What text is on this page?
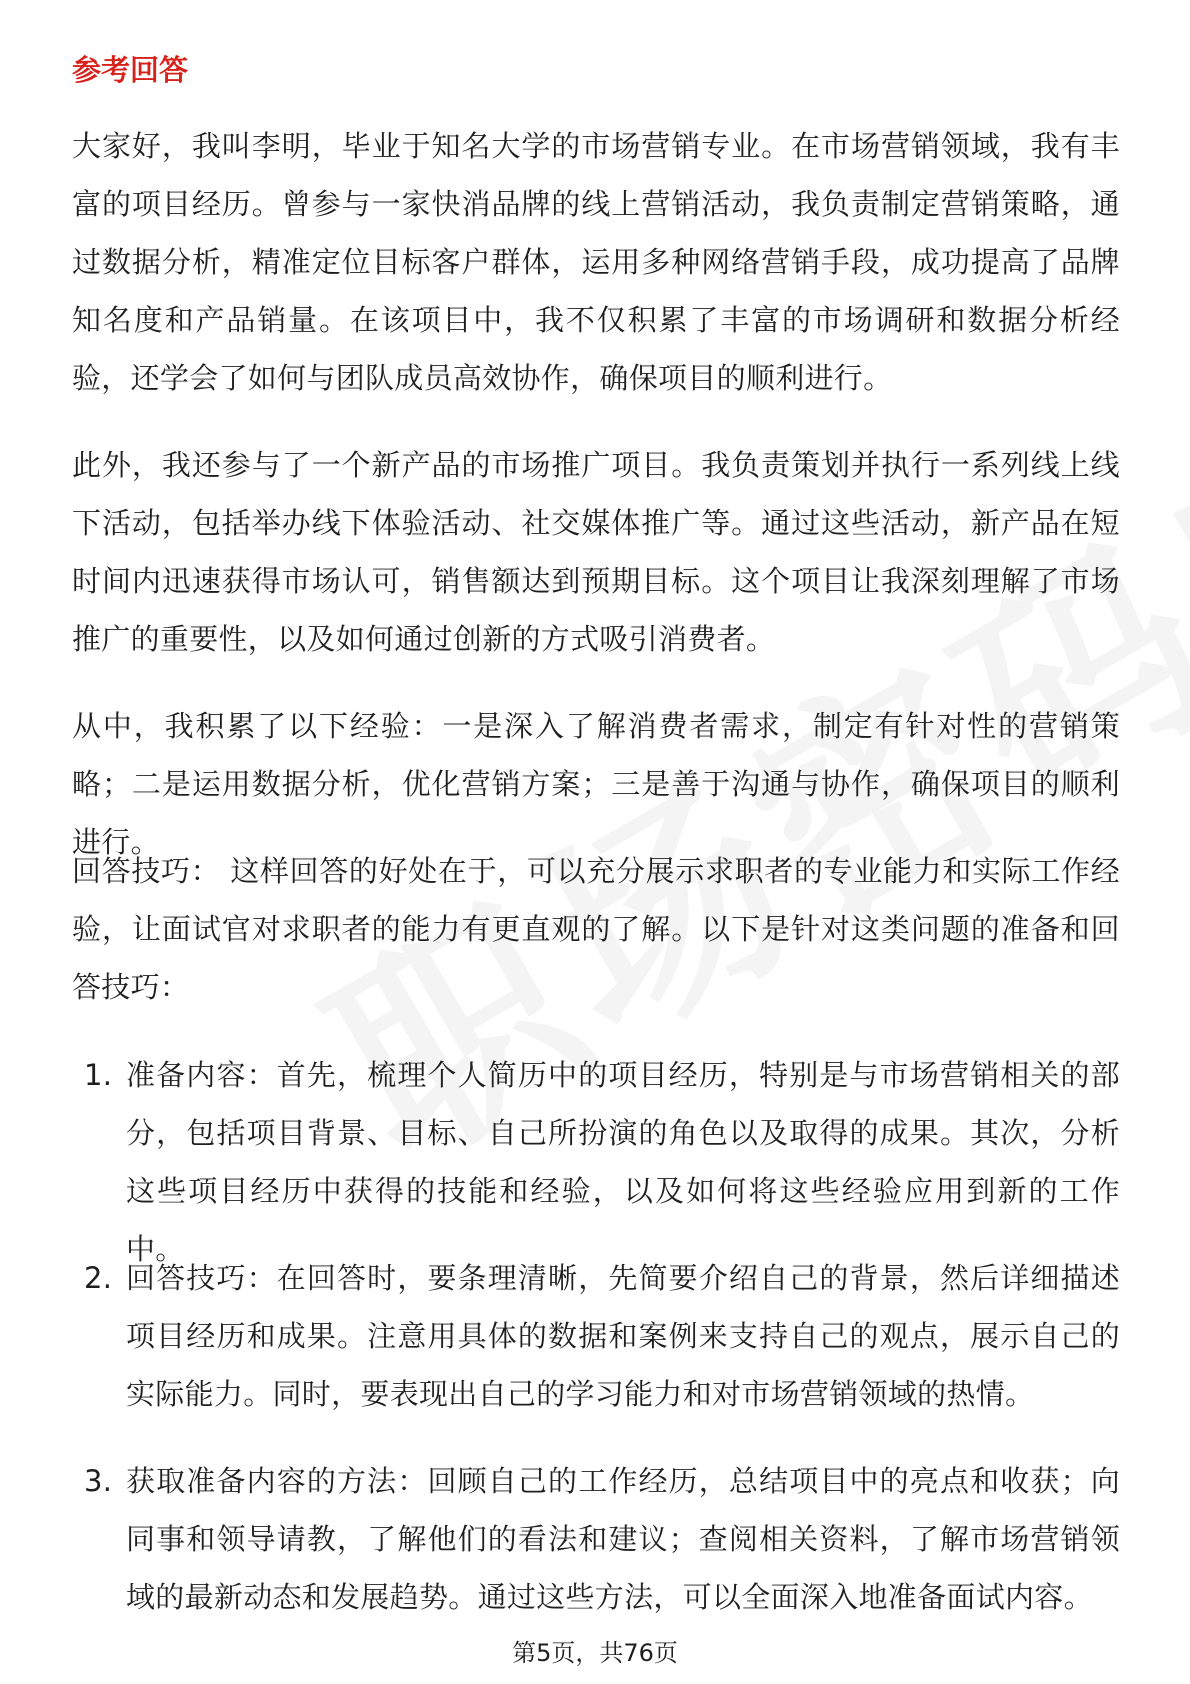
参考回答
大家好，我叫李明，毕业于知名大学的市场营销专业。在市场营销领域，我有丰富的项目经历。曾参与一家快消品牌的线上营销活动，我负责制定营销策略，通过数据分析，精准定位目标客户群体，运用多种网络营销手段，成功提高了品牌知名度和产品销量。在该项目中，我不仅积累了丰富的市场调研和数据分析经验，还学会了如何与团队成员高效协作，确保项目的顺利进行。
此外，我还参与了一个新产品的市场推广项目。我负责策划并执行一系列线上线下活动，包括举办线下体验活动、社交媒体推广等。通过这些活动，新产品在短时间内迅速获得市场认可，销售额达到预期目标。这个项目让我深刻理解了市场推广的重要性，以及如何通过创新的方式吸引消费者。
从中，我积累了以下经验：一是深入了解消费者需求，制定有针对性的营销策略；二是运用数据分析，优化营销方案；三是善于沟通与协作，确保项目的顺利进行。
回答技巧： 这样回答的好处在于，可以充分展示求职者的专业能力和实际工作经验，让面试官对求职者的能力有更直观的了解。以下是针对这类问题的准备和回答技巧：
1. 准备内容：首先，梳理个人简历中的项目经历，特别是与市场营销相关的部分，包括项目背景、目标、自己所扮演的角色以及取得的成果。其次，分析这些项目经历中获得的技能和经验，以及如何将这些经验应用到新的工作中。
2. 回答技巧：在回答时，要条理清晰，先简要介绍自己的背景，然后详细描述项目经历和成果。注意用具体的数据和案例来支持自己的观点，展示自己的实际能力。同时，要表现出自己的学习能力和对市场营销领域的热情。
3. 获取准备内容的方法：回顾自己的工作经历，总结项目中的亮点和收获；向同事和领导请教，了解他们的看法和建议；查阅相关资料，了解市场营销领域的最新动态和发展趋势。通过这些方法，可以全面深入地准备面试内容。
第5页，共76页
